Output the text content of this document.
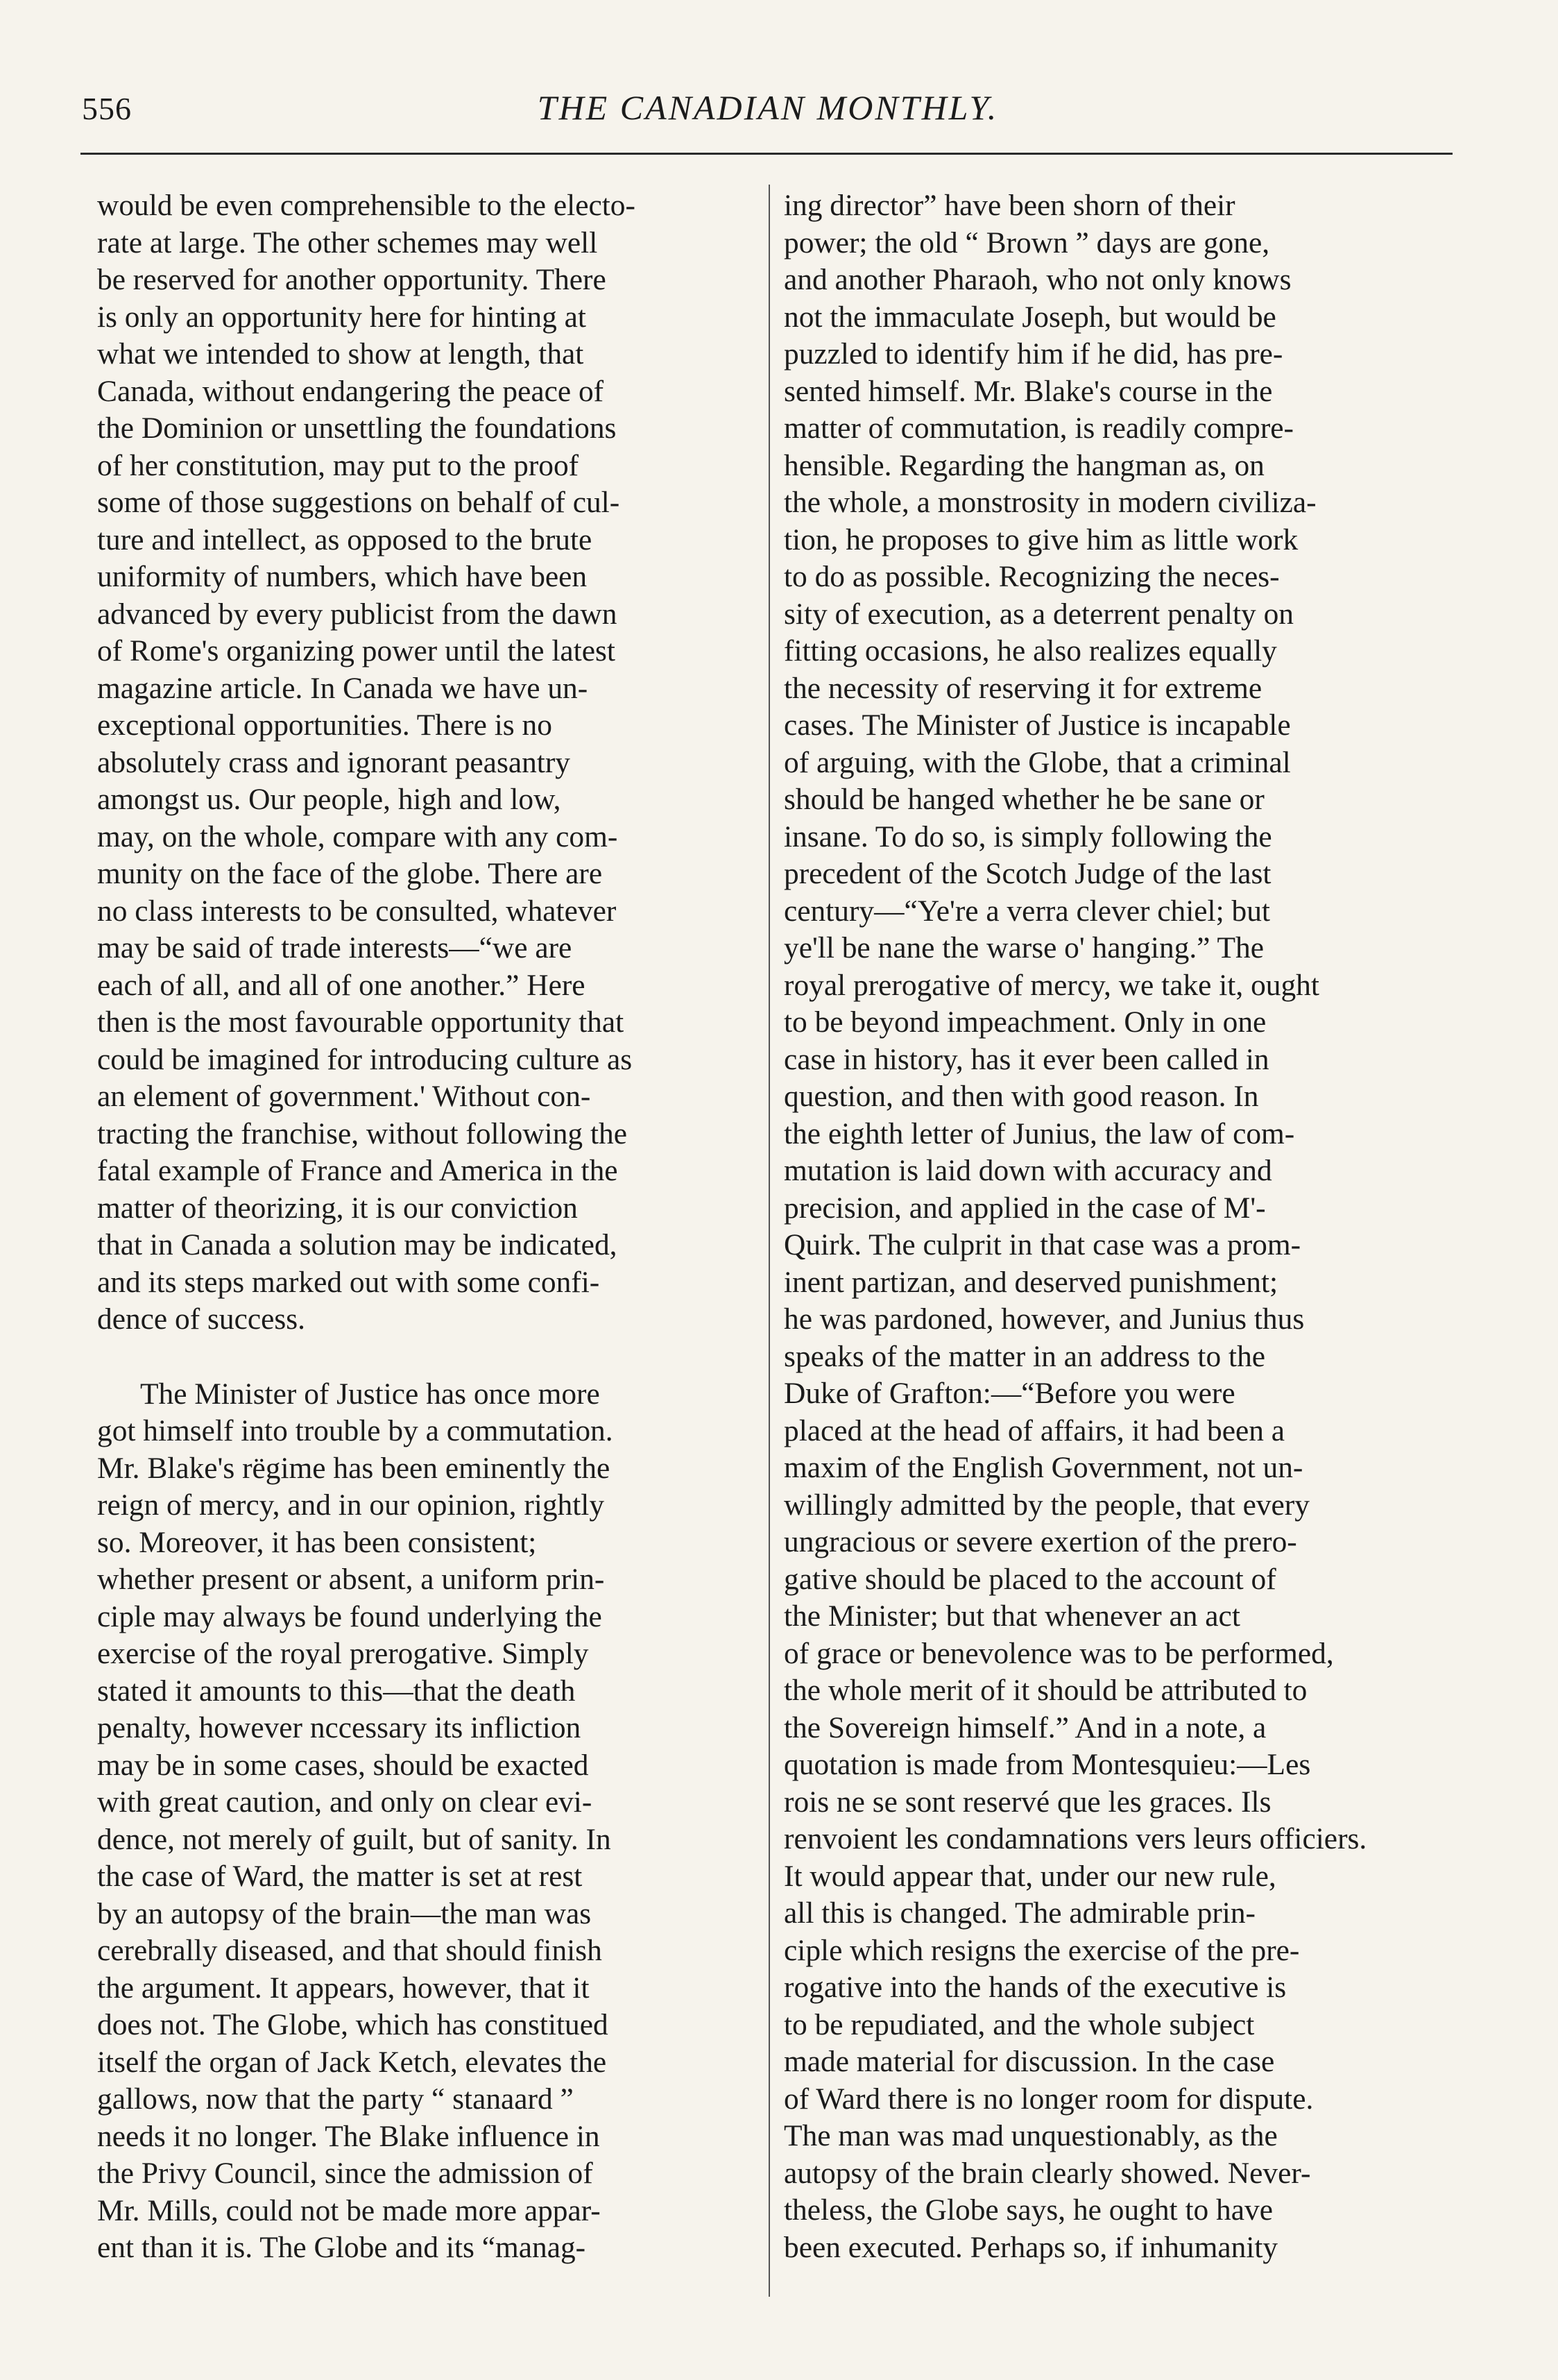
556	THE CANADIAN MONTHLY.
would be even comprehensible to the electo-
rate at large. The other schemes may well
be reserved for another opportunity. There
is only an opportunity here for hinting at
what we intended to show at length, that
Canada, without endangering the peace of
the Dominion or unsettling the foundations
of her constitution, may put to the proof
some of those suggestions on behalf of cul-
ture and intellect, as opposed to the brute
uniformity of numbers, which have been
advanced by every publicist from the dawn
of Rome's organizing power until the latest
magazine article. In Canada we have un-
exceptional opportunities. There is no
absolutely crass and ignorant peasantry
amongst us. Our people, high and low,
may, on the whole, compare with any com-
munity on the face of the globe. There are
no class interests to be consulted, whatever
may be said of trade interests—“we are
each of all, and all of one another.” Here
then is the most favourable opportunity that
could be imagined for introducing culture as
an element of government.' Without con-
tracting the franchise, without following the
fatal example of France and America in the
matter of theorizing, it is our conviction
that in Canada a solution may be indicated,
and its steps marked out with some confi-
dence of success.
The Minister of Justice has once more
got himself into trouble by a commutation.
Mr. Blake's rëgime has been eminently the
reign of mercy, and in our opinion, rightly
so. Moreover, it has been consistent;
whether present or absent, a uniform prin-
ciple may always be found underlying the
exercise of the royal prerogative. Simply
stated it amounts to this—that the death
penalty, however nccessary its infliction
may be in some cases, should be exacted
with great caution, and only on clear evi-
dence, not merely of guilt, but of sanity. In
the case of Ward, the matter is set at rest
by an autopsy of the brain—the man was
cerebrally diseased, and that should finish
the argument. It appears, however, that it
does not. The Globe, which has constitued
itself the organ of Jack Ketch, elevates the
gallows, now that the party “ stanaard ”
needs it no longer. The Blake influence in
the Privy Council, since the admission of
Mr. Mills, could not be made more appar-
ent than it is. The Globe and its “manag-
ing director” have been shorn of their
power; the old “ Brown ” days are gone,
and another Pharaoh, who not only knows
not the immaculate Joseph, but would be
puzzled to identify him if he did, has pre-
sented himself. Mr. Blake's course in the
matter of commutation, is readily compre-
hensible. Regarding the hangman as, on
the whole, a monstrosity in modern civiliza-
tion, he proposes to give him as little work
to do as possible. Recognizing the neces-
sity of execution, as a deterrent penalty on
fitting occasions, he also realizes equally
the necessity of reserving it for extreme
cases. The Minister of Justice is incapable
of arguing, with the Globe, that a criminal
should be hanged whether he be sane or
insane. To do so, is simply following the
precedent of the Scotch Judge of the last
century—“Ye're a verra clever chiel; but
ye'll be nane the warse o' hanging.” The
royal prerogative of mercy, we take it, ought
to be beyond impeachment. Only in one
case in history, has it ever been called in
question, and then with good reason. In
the eighth letter of Junius, the law of com-
mutation is laid down with accuracy and
precision, and applied in the case of M'-
Quirk. The culprit in that case was a prom-
inent partizan, and deserved punishment;
he was pardoned, however, and Junius thus
speaks of the matter in an address to the
Duke of Grafton:—“Before you were
placed at the head of affairs, it had been a
maxim of the English Government, not un-
willingly admitted by the people, that every
ungracious or severe exertion of the prero-
gative should be placed to the account of
the Minister; but that whenever an act
of grace or benevolence was to be performed,
the whole merit of it should be attributed to
the Sovereign himself.” And in a note, a
quotation is made from Montesquieu:—Les
rois ne se sont reservé que les graces. Ils
renvoient les condamnations vers leurs officiers.
It would appear that, under our new rule,
all this is changed. The admirable prin-
ciple which resigns the exercise of the pre-
rogative into the hands of the executive is
to be repudiated, and the whole subject
made material for discussion. In the case
of Ward there is no longer room for dispute.
The man was mad unquestionably, as the
autopsy of the brain clearly showed. Never-
theless, the Globe says, he ought to have
been executed. Perhaps so, if inhumanity
